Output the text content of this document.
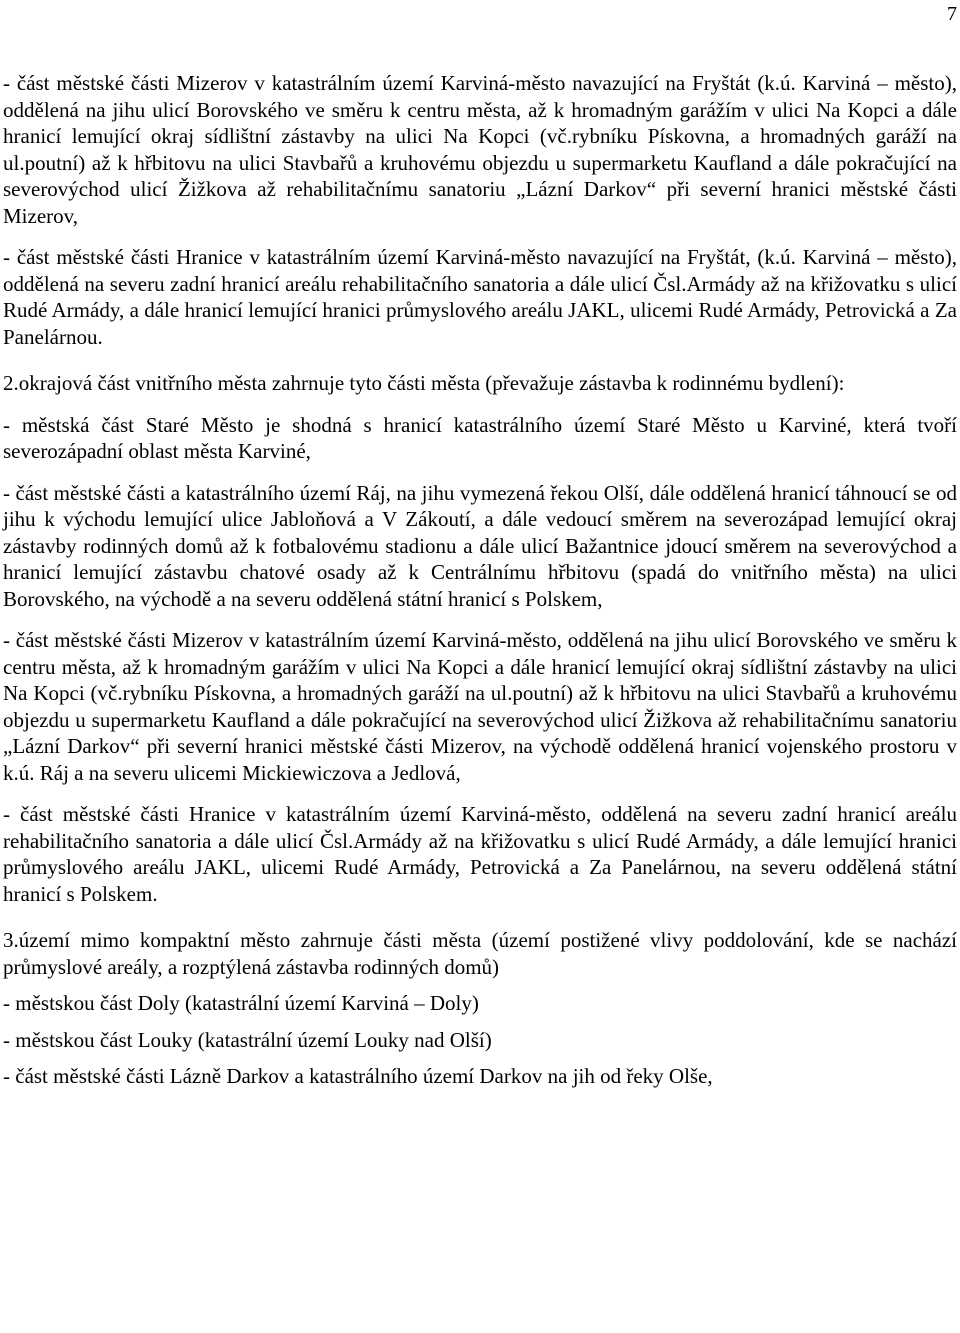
7

- část městské části Mizerov v katastrálním území Karviná-město navazující na Fryštát (k.ú. Karviná – město), oddělená na jihu ulicí Borovského ve směru k centru města, až k hromadným garážím v ulici Na Kopci a dále hranicí lemující okraj sídlištní zástavby na ulici Na Kopci (vč.rybníku Pískovna, a hromadných garáží na ul.poutní) až k hřbitovu na ulici Stavbařů a kruhovému objezdu u supermarketu Kaufland a dále pokračující na severovýchod ulicí Žižkova až rehabilitačnímu sanatoriu „Lázní Darkov“ při severní hranici městské části Mizerov,

- část městské části Hranice v katastrálním území Karviná-město navazující na Fryštát, (k.ú. Karviná – město), oddělená na severu zadní hranicí areálu rehabilitačního sanatoria a dále ulicí Čsl.Armády až na křižovatku s ulicí Rudé Armády, a dále hranicí lemující hranici průmyslového areálu JAKL, ulicemi Rudé Armády, Petrovická a Za Panelárnou.

2.okrajová část vnitřního města zahrnuje tyto části města (převažuje zástavba k rodinnému bydlení):

- městská část Staré Město je shodná s hranicí katastrálního území Staré Město u Karviné, která tvoří severozápadní oblast města Karviné,

- část městské části a katastrálního území Ráj, na jihu vymezená řekou Olší, dále oddělená hranicí táhnoucí se od jihu k východu lemující ulice Jabloňová a V Zákoutí, a dále vedoucí směrem na severozápad lemující okraj zástavby rodinných domů až k fotbalovému stadionu a dále ulicí Bažantnice jdoucí směrem na severovýchod a hranicí lemující zástavbu chatové osady až k Centrálnímu hřbitovu (spadá do vnitřního města) na ulici Borovského, na východě a na severu oddělená státní hranicí s Polskem,

- část městské části Mizerov v katastrálním území Karviná-město, oddělená na jihu ulicí Borovského ve směru k centru města, až k hromadným garážím v ulici Na Kopci a dále hranicí lemující okraj sídlištní zástavby na ulici Na Kopci (vč.rybníku Pískovna, a hromadných garáží na ul.poutní) až k hřbitovu na ulici Stavbařů a kruhovému objezdu u supermarketu Kaufland a dále pokračující na severovýchod ulicí Žižkova až rehabilitačnímu sanatoriu „Lázní Darkov“ při severní hranici městské části Mizerov, na východě oddělená hranicí vojenského prostoru v k.ú. Ráj a na severu ulicemi Mickiewiczova a Jedlová,

- část městské části Hranice v katastrálním území Karviná-město, oddělená na severu zadní hranicí areálu rehabilitačního sanatoria a dále ulicí Čsl.Armády až na křižovatku s ulicí Rudé Armády, a dále lemující hranici průmyslového areálu JAKL, ulicemi Rudé Armády, Petrovická a Za Panelárnou, na severu oddělená státní hranicí s Polskem.

3.území mimo kompaktní město zahrnuje části města (území postižené vlivy poddolování, kde se nachází průmyslové areály, a rozptýlená zástavba rodinných domů)

- městskou část Doly (katastrální území Karviná – Doly)

- městskou část Louky (katastrální území Louky nad Olší)

- část městské části Lázně Darkov a katastrálního území Darkov na jih od řeky Olše,
